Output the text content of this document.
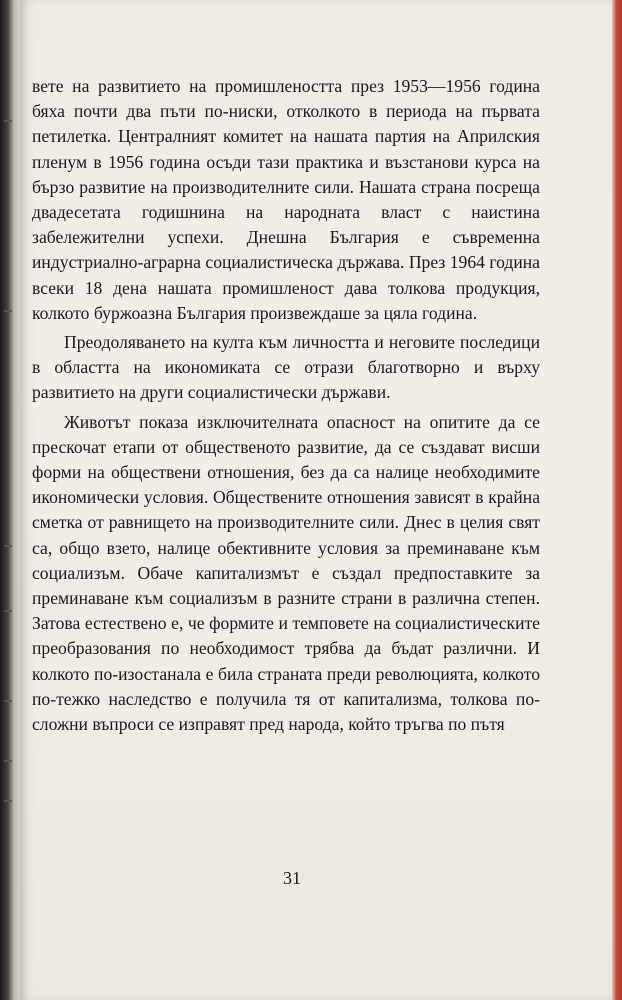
вете на развитието на промишлеността през 1953—1956 година бяха почти два пъти по-ниски, отколкото в периода на първата петилетка. Централният комитет на нашата партия на Априлския пленум в 1956 година осъди тази практика и възстанови курса на бързо развитие на производителните сили. Нашата страна посреща двадесетата годишнина на народната власт с наистина забележителни успехи. Днешна България е съвременна индустриално-аграрна социалистическа държава. През 1964 година всеки 18 дена нашата промишленост дава толкова продукция, колкото буржоазна България произвеждаше за цяла година.

Преодоляването на култа към личността и неговите последици в областта на икономиката се отрази благотворно и върху развитието на други социалистически държави.

Животът показа изключителната опасност на опитите да се прескочат етапи от общественото развитие, да се създават висши форми на обществени отношения, без да са налице необходимите икономически условия. Обществените отношения зависят в крайна сметка от равнището на производителните сили. Днес в целия свят са, общо взето, налице обективните условия за преминаване към социализъм. Обаче капитализмът е създал предпоставките за преминаване към социализъм в разните страни в различна степен. Затова естествено е, че формите и темповете на социалистическите преобразования по необходимост трябва да бъдат различни. И колкото по-изостанала е била страната преди революцията, колкото по-тежко наследство е получила тя от капитализма, толкова по-сложни въпроси се изправят пред народа, който тръгва по пътя

31
